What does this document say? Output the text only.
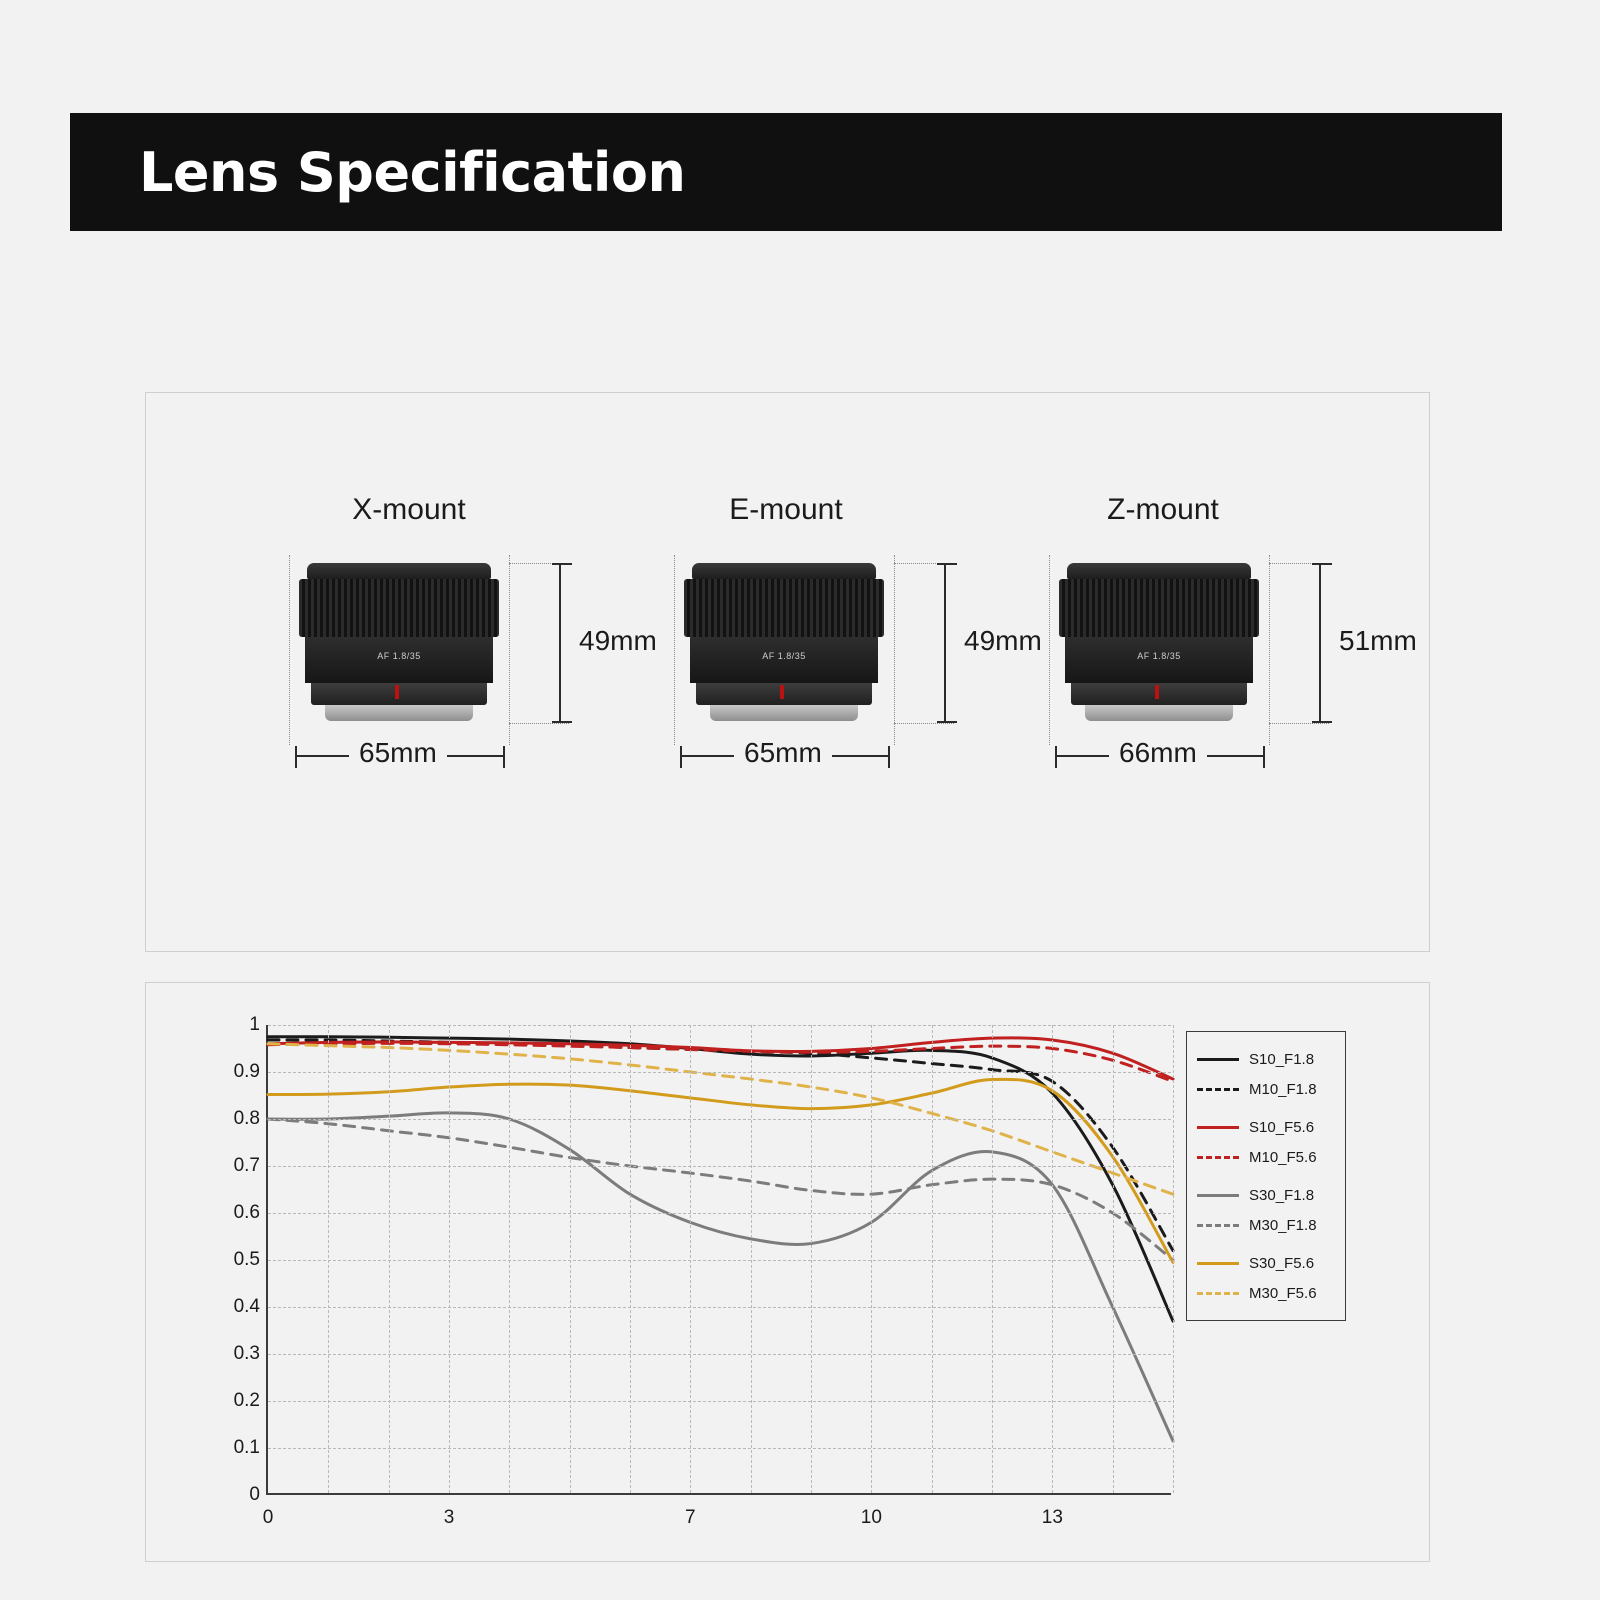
Lens Specification
X-mount
AF 1.8/35	49mm
65mm
E-mount
AF 1.8/35	49mm
65mm
Z-mount
AF 1.8/35	51mm
66mm
1
0.9
0.8
0.7
0.6
0.5
0.4
0.3
0.2
0.1
0
0	3	7	10	13
S10_F1.8
M10_F1.8
S10_F5.6
M10_F5.6
S30_F1.8
M30_F1.8
S30_F5.6
M30_F5.6
